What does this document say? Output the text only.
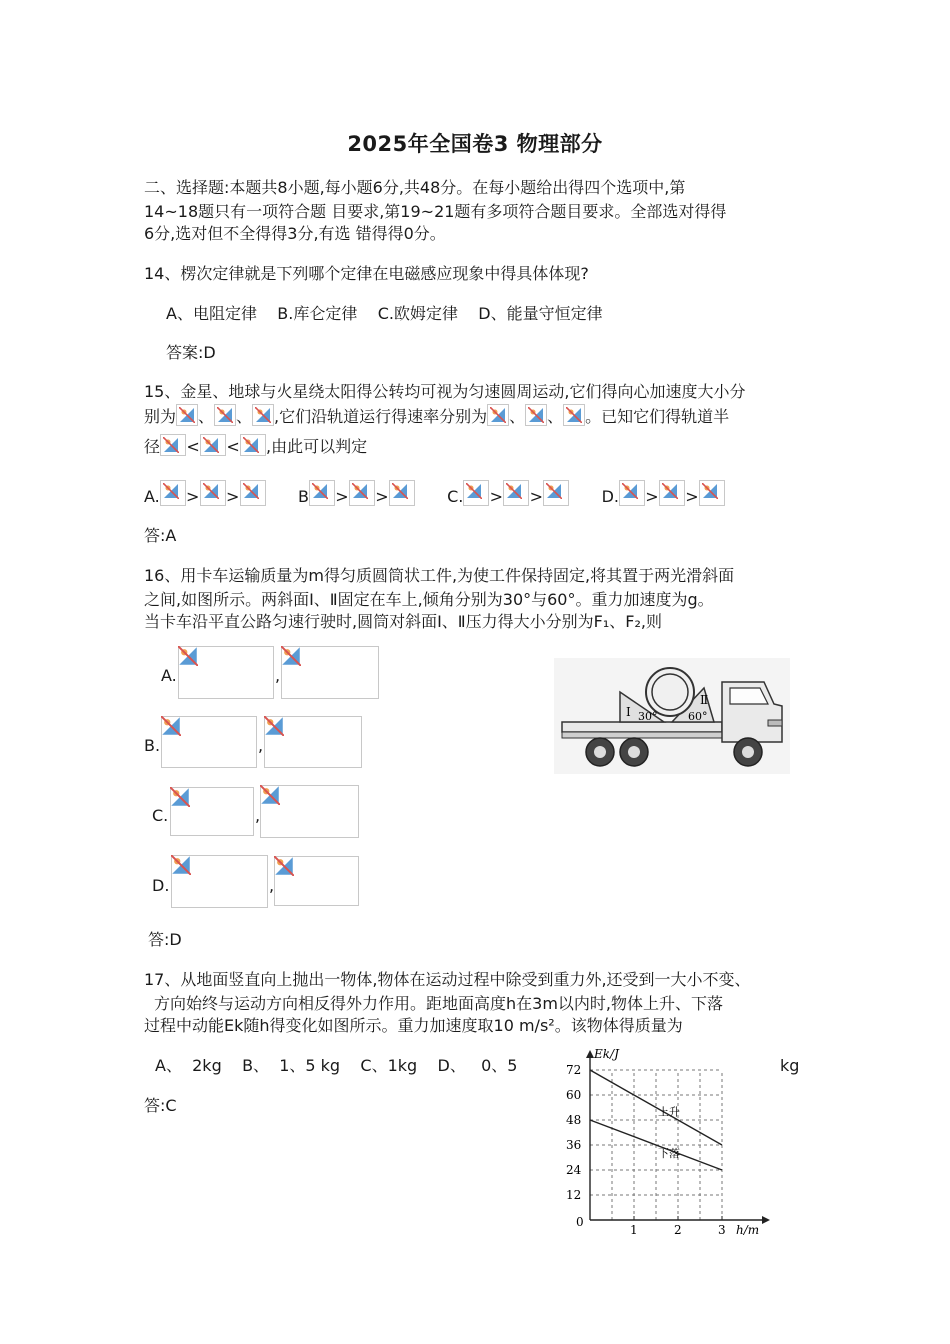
2025年全国卷3 物理部分
二、选择题:本题共8小题,每小题6分,共48分。在每小题给出得四个选项中,第
14~18题只有一项符合题 目要求,第19~21题有多项符合题目要求。全部选对得得
6分,选对但不全得得3分,有选 错得得0分。
14、楞次定律就是下列哪个定律在电磁感应现象中得具体体现?
A、电阻定律    B.库仑定律    C.欧姆定律    D、能量守恒定律
答案:D
15、金星、地球与火星绕太阳得公转均可视为匀速圆周运动,它们得向心加速度大小分
别为 、 、 ,它们沿轨道运行得速率分别为 、 、 。已知它们得轨道半
径 < < ,由此可以判定
A. > >	B > >	C. > >	D. > >
答:A
16、用卡车运输质量为m得匀质圆筒状工件,为使工件保持固定,将其置于两光滑斜面
之间,如图所示。两斜面Ⅰ、Ⅱ固定在车上,倾角分别为30°与60°。重力加速度为g。
当卡车沿平直公路匀速行驶时,圆筒对斜面Ⅰ、Ⅱ压力得大小分别为F₁、F₂,则
A.	,
B.	,
C.	,
D.	,
Ⅰ 30°
Ⅱ
60°
答:D
17、从地面竖直向上抛出一物体,物体在运动过程中除受到重力外,还受到一大小不变、
方向始终与运动方向相反得外力作用。距地面高度h在3m以内时,物体上升、下落
过程中动能Ek随h得变化如图所示。重力加速度取10 m/s²。该物体得质量为
A、  2kg    B、  1、5 kg    C、1kg    D、   0、5	kg
答:C
12
24
36
48
60
72
1	2	3
上升
下落
Ek/J
h/m
0
